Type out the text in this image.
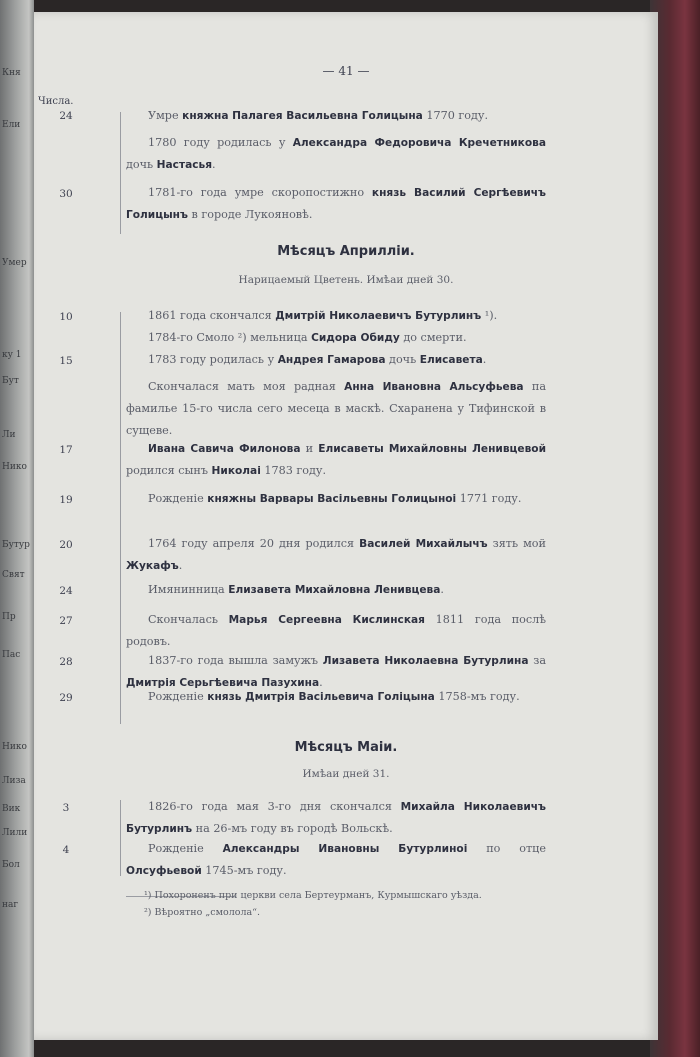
Кня
Ели
Умер
ку 1
Бут
Ли
Нико
Бутур
Свят
Пр
Пас
Нико
Лиза
Вик
Лили
Бол
наг
— 41 —
Числа.
Мѣсяцъ Априллiи.
Нарицаемый Цветень. Имѣаи дней 30.
Мѣсяцъ Маiи.
Имѣаи дней 31.
¹) Похороненъ при церкви села Бертеурманъ, Курмышскаго уѣзда.
²) Вѣроятно „смолола“.
24	Умре княжна Палагея Васильевна Голицына 1770 году.
1780 году родилась у Александра Федоровича Кречетникова дочь Настасья.
30	1781-го года умре скоропостижно князь Василий Сергѣевичъ Голицынъ в городе Лукояновѣ.
10	1861 года скончался Дмитрій Николаевичъ Бутурлинъ ¹).
1784-го Смоло ²) мельница Сидора Обиду до смерти.
15	1783 году родилась у Андрея Гамарова дочь Елисавета.
Скончалася мать моя радная Анна Ивановна Альсуфьева па фамилье 15-го числа сего месеца в маскѣ. Схаранена у Тифинской в сущеве.
17	Ивана Савича Филонова и Елисаветы Михайловны Ленивцевой родился сынъ Николаі 1783 году.
19	Рожденіе княжны Варвары Васільевны Голицыноі 1771 году.
20	1764 году апреля 20 дня родился Василей Михайлычъ зять мой Жукафъ.
24	Имянинница Елизавета Михайловна Ленивцева.
27	Скончалась Марья Сергеевна Кислинская 1811 года послѣ родовъ.
28	1837-го года вышла замужъ Лизавета Николаевна Бутурлина за Дмитрія Серьгѣевича Пазухина.
29	Рожденіе князь Дмитрія Васільевича Голіцына 1758-мъ году.
3	1826-го года мая 3-го дня скончался Михайла Николаевичъ Бутурлинъ на 26-мъ году въ городѣ Вольскѣ.
4	Рожденіе Александры Ивановны Бутурлиноі по отце Олсуфьевой 1745-мъ году.
